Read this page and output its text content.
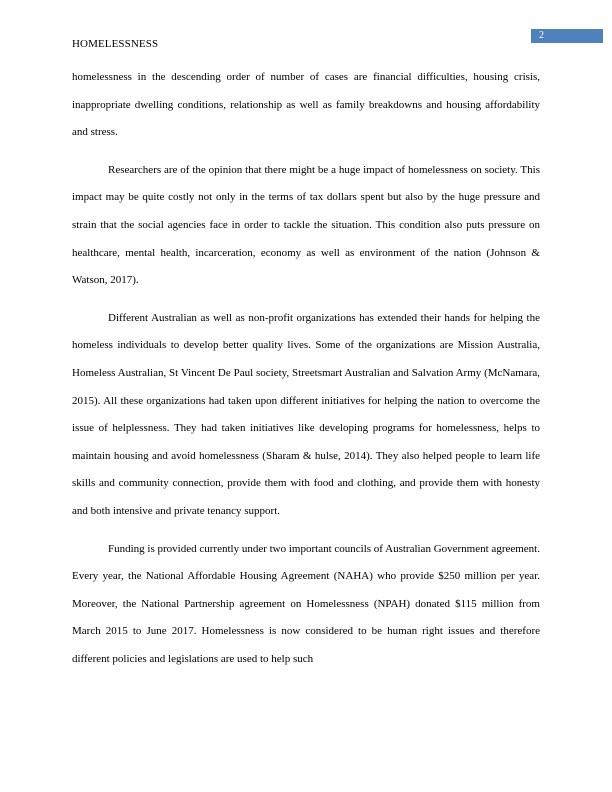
2
HOMELESSNESS

homelessness in the descending order of number of cases are financial difficulties, housing crisis, inappropriate dwelling conditions, relationship as well as family breakdowns and housing affordability and stress.

Researchers are of the opinion that there might be a huge impact of homelessness on society. This impact may be quite costly not only in the terms of tax dollars spent but also by the huge pressure and strain that the social agencies face in order to tackle the situation. This condition also puts pressure on healthcare, mental health, incarceration, economy as well as environment of the nation (Johnson & Watson, 2017).

Different Australian as well as non-profit organizations has extended their hands for helping the homeless individuals to develop better quality lives. Some of the organizations are Mission Australia, Homeless Australian, St Vincent De Paul society, Streetsmart Australian and Salvation Army (McNamara, 2015). All these organizations had taken upon different initiatives for helping the nation to overcome the issue of helplessness. They had taken initiatives like developing programs for homelessness, helps to maintain housing and avoid homelessness (Sharam & hulse, 2014). They also helped people to learn life skills and community connection, provide them with food and clothing, and provide them with honesty and both intensive and private tenancy support.

Funding is provided currently under two important councils of Australian Government agreement. Every year, the National Affordable Housing Agreement (NAHA) who provide $250 million per year. Moreover, the National Partnership agreement on Homelessness (NPAH) donated $115 million from March 2015 to June 2017. Homelessness is now considered to be human right issues and therefore different policies and legislations are used to help such
